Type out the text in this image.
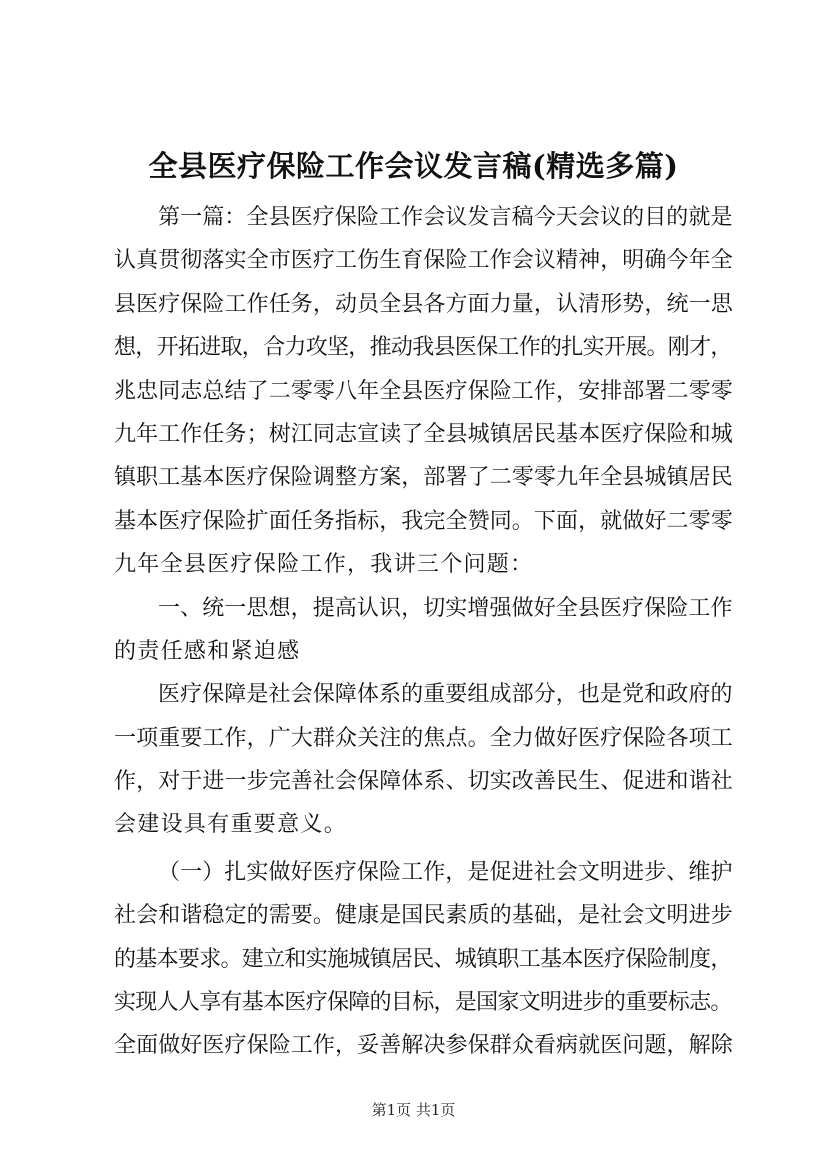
全县医疗保险工作会议发言稿(精选多篇)
第一篇：全县医疗保险工作会议发言稿今天会议的目的就是
认真贯彻落实全市医疗工伤生育保险工作会议精神，明确今年全
县医疗保险工作任务，动员全县各方面力量，认清形势，统一思
想，开拓进取，合力攻坚，推动我县医保工作的扎实开展。刚才，
兆忠同志总结了二零零八年全县医疗保险工作，安排部署二零零
九年工作任务；树江同志宣读了全县城镇居民基本医疗保险和城
镇职工基本医疗保险调整方案，部署了二零零九年全县城镇居民
基本医疗保险扩面任务指标，我完全赞同。下面，就做好二零零
九年全县医疗保险工作，我讲三个问题：
一、统一思想，提高认识，切实增强做好全县医疗保险工作
的责任感和紧迫感
医疗保障是社会保障体系的重要组成部分，也是党和政府的
一项重要工作，广大群众关注的焦点。全力做好医疗保险各项工
作，对于进一步完善社会保障体系、切实改善民生、促进和谐社
会建设具有重要意义。
（一）扎实做好医疗保险工作，是促进社会文明进步、维护
社会和谐稳定的需要。健康是国民素质的基础，是社会文明进步
的基本要求。建立和实施城镇居民、城镇职工基本医疗保险制度，
实现人人享有基本医疗保障的目标，是国家文明进步的重要标志。
全面做好医疗保险工作，妥善解决参保群众看病就医问题，解除
第1页 共1页
